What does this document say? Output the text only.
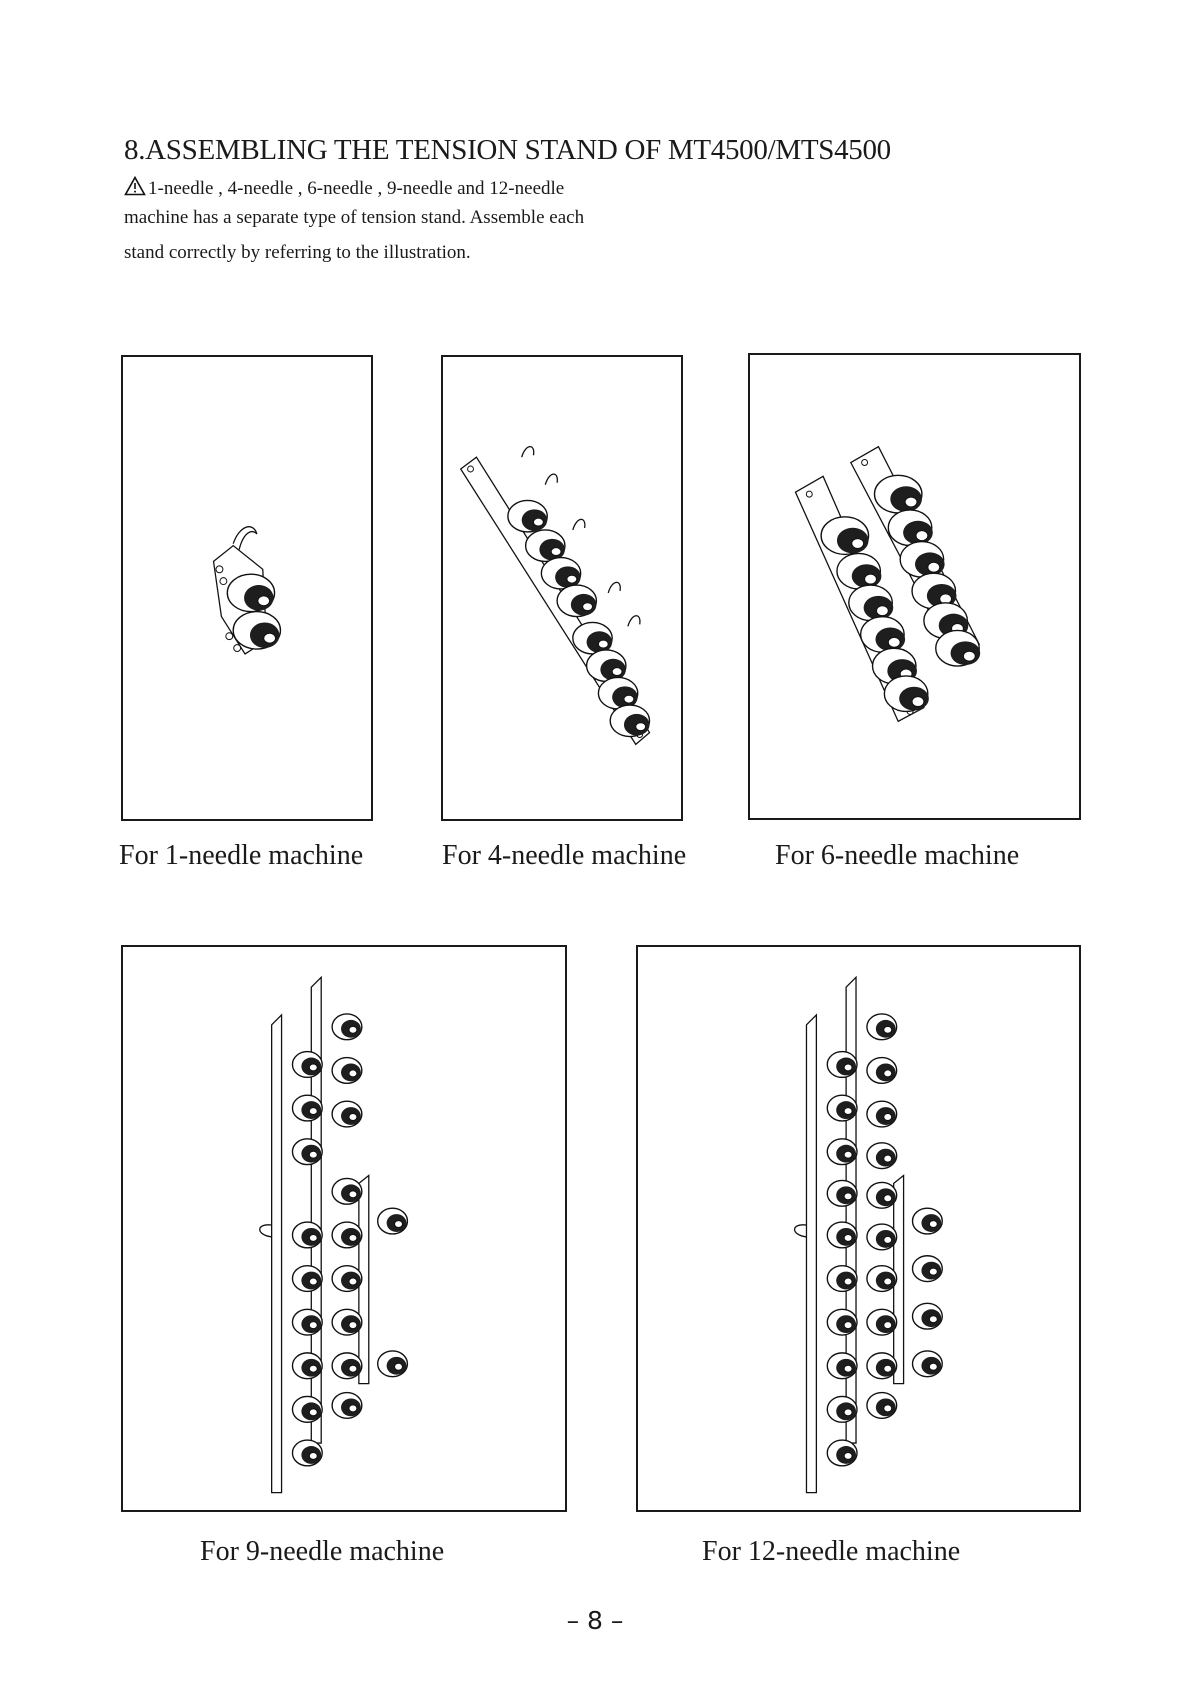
8.ASSEMBLING THE TENSION STAND OF MT4500/MTS4500
1-needle , 4-needle , 6-needle , 9-needle and 12-needle
machine has a separate type of tension stand. Assemble each
stand correctly by referring to the illustration.
For 1-needle machine	For 4-needle machine	For 6-needle machine
For 9-needle machine	For 12-needle machine
– 8 –
